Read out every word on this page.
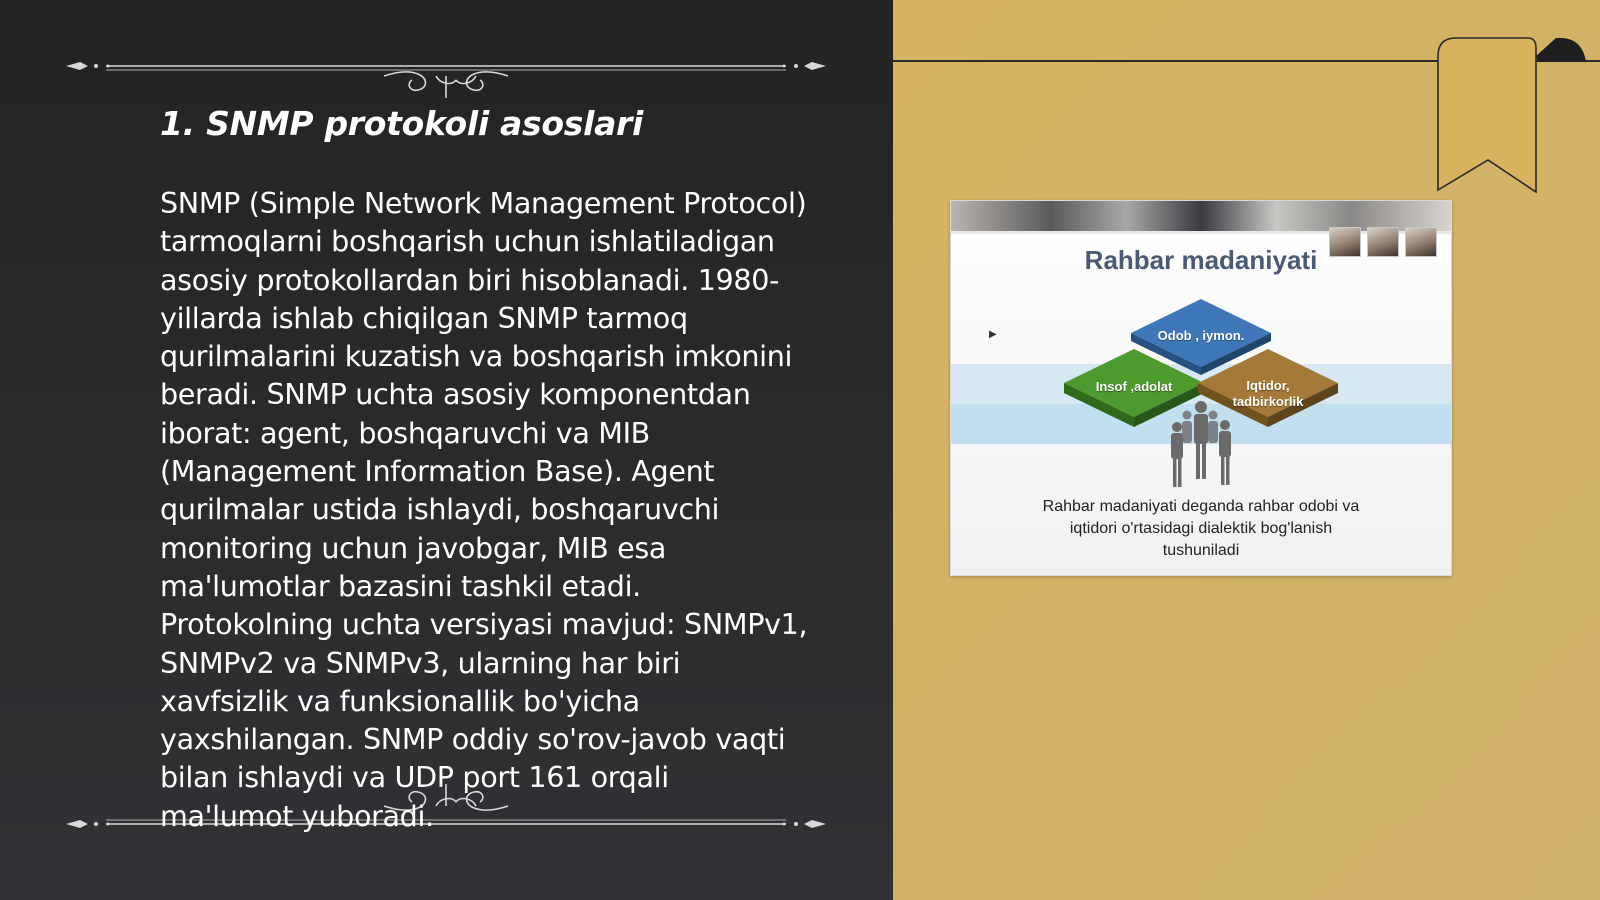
1. SNMP protokoli asoslari

SNMP (Simple Network Management Protocol) tarmoqlarni boshqarish uchun ishlatiladigan asosiy protokollardan biri hisoblanadi. 1980-yillarda ishlab chiqilgan SNMP tarmoq qurilmalarini kuzatish va boshqarish imkonini beradi. SNMP uchta asosiy komponentdan iborat: agent, boshqaruvchi va MIB (Management Information Base). Agent qurilmalar ustida ishlaydi, boshqaruvchi monitoring uchun javobgar, MIB esa ma'lumotlar bazasini tashkil etadi. Protokolning uchta versiyasi mavjud: SNMPv1, SNMPv2 va SNMPv3, ularning har biri xavfsizlik va funksionallik bo'yicha yaxshilangan. SNMP oddiy so'rov-javob vaqti bilan ishlaydi va UDP port 161 orqali ma'lumot yuboradi.

Rahbar madaniyati
▶	Odob , iymon.
Insof ,adolat	Iqtidor, tadbirkorlik
Rahbar madaniyati deganda rahbar odobi va iqtidori o'rtasidagi dialektik bog'lanish tushuniladi
